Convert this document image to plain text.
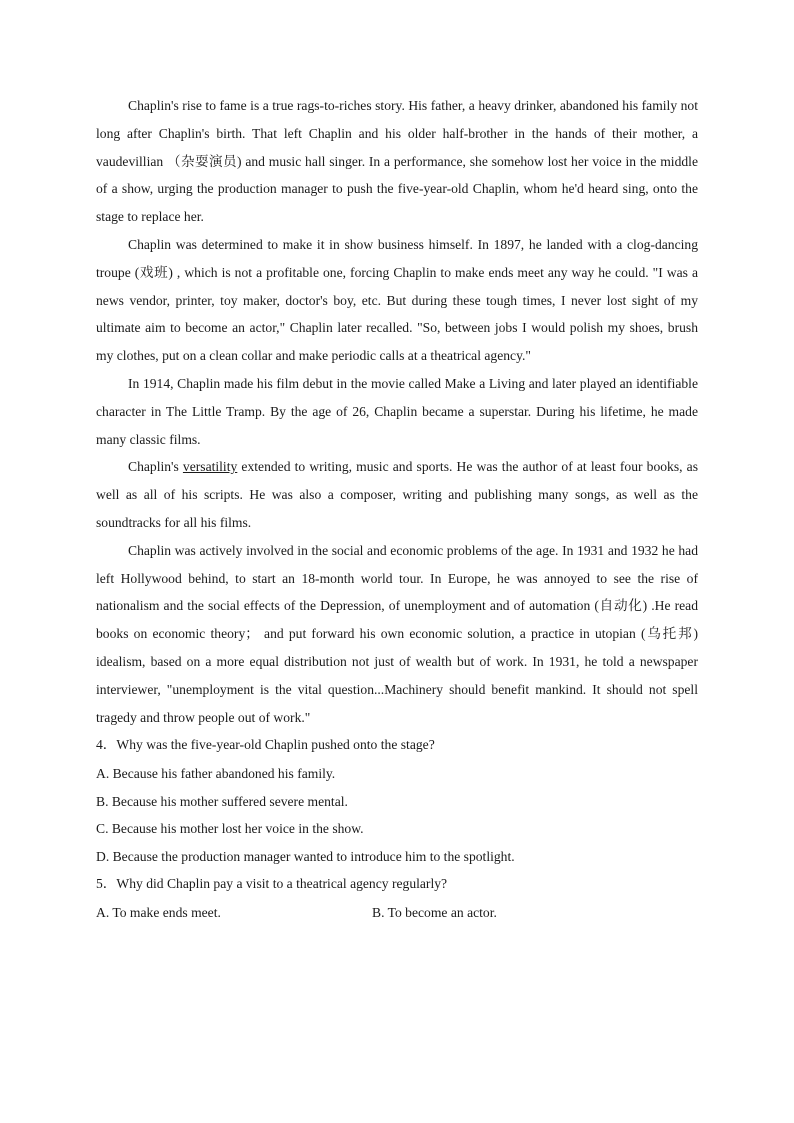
Chaplin's rise to fame is a true rags-to-riches story. His father, a heavy drinker, abandoned his family not long after Chaplin's birth. That left Chaplin and his older half-brother in the hands of their mother, a vaudevillian （杂耍演员) and music hall singer. In a performance, she somehow lost her voice in the middle of a show, urging the production manager to push the five-year-old Chaplin, whom he'd heard sing, onto the stage to replace her.

Chaplin was determined to make it in show business himself. In 1897, he landed with a clog-dancing troupe (戏班) , which is not a profitable one, forcing Chaplin to make ends meet any way he could. "I was a news vendor, printer, toy maker, doctor's boy, etc. But during these tough times, I never lost sight of my ultimate aim to become an actor," Chaplin later recalled. "So, between jobs I would polish my shoes, brush my clothes, put on a clean collar and make periodic calls at a theatrical agency."

In 1914, Chaplin made his film debut in the movie called Make a Living and later played an identifiable character in The Little Tramp. By the age of 26, Chaplin became a superstar. During his lifetime, he made many classic films.

Chaplin's versatility extended to writing, music and sports. He was the author of at least four books, as well as all of his scripts. He was also a composer, writing and publishing many songs, as well as the soundtracks for all his films.

Chaplin was actively involved in the social and economic problems of the age. In 1931 and 1932 he had left Hollywood behind, to start an 18-month world tour. In Europe, he was annoyed to see the rise of nationalism and the social effects of the Depression, of unemployment and of automation (自动化) .He read books on economic theory； and put forward his own economic solution, a practice in utopian (乌托邦) idealism, based on a more equal distribution not just of wealth but of work. In 1931, he told a newspaper interviewer, "unemployment is the vital question...Machinery should benefit mankind. It should not spell tragedy and throw people out of work."

4．Why was the five-year-old Chaplin pushed onto the stage?

A. Because his father abandoned his family.

B. Because his mother suffered severe mental.

C. Because his mother lost her voice in the show.

D. Because the production manager wanted to introduce him to the spotlight.

5．Why did Chaplin pay a visit to a theatrical agency regularly?

A. To make ends meet.	B. To become an actor.
